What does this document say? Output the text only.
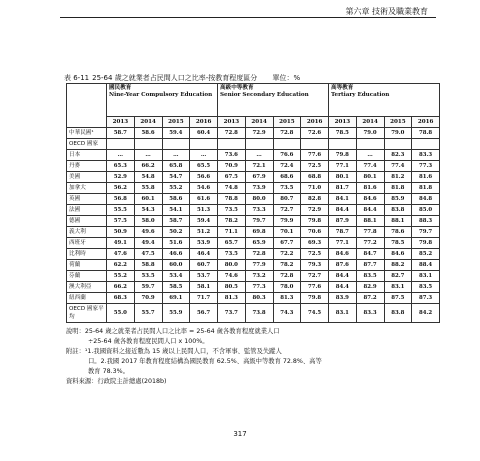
第六章 技術及職業教育
表 6-11 25-64 歲之就業者占民間人口之比率-按教育程度區分 單位：%

	國民教育
Nine-Year Compulsory Education				高級中等教育
Senior Secondary Education				高等教育
Tertiary Education			

	2013	2014	2015	2016	2013	2014	2015	2016	2013	2014	2015	2016
中華民國¹	58.7	58.6	59.4	60.4	72.8	72.9	72.8	72.6	78.5	79.0	79.0	78.8
OECD 國家												
日本	…	…	…	…	73.6	…	76.6	77.6	79.8	…	82.3	83.3
丹麥	65.3	66.2	65.8	65.5	70.9	72.1	72.4	72.5	77.1	77.4	77.4	77.3
美國	52.9	54.8	54.7	56.6	67.5	67.9	68.6	68.8	80.1	80.1	81.2	81.6
加拿大	56.2	55.8	55.2	54.6	74.8	73.9	73.5	71.0	81.7	81.6	81.8	81.8
英國	56.8	60.1	58.6	61.6	78.8	80.0	80.7	82.8	84.1	84.6	85.9	84.8
法國	55.5	54.3	54.1	51.3	73.5	73.3	72.7	72.9	84.4	84.4	83.8	85.0
德國	57.5	58.0	58.7	59.4	78.2	79.7	79.9	79.8	87.9	88.1	88.1	88.3
義大利	50.9	49.6	50.2	51.2	71.1	69.8	70.1	70.6	78.7	77.8	78.6	79.7
西班牙	49.1	49.4	51.6	53.9	65.7	65.9	67.7	69.3	77.1	77.2	78.5	79.8
比利時	47.6	47.5	46.6	46.4	73.5	72.8	72.2	72.5	84.6	84.7	84.6	85.2
荷蘭	62.2	58.8	60.0	60.7	80.0	77.9	78.2	79.3	87.6	87.7	88.2	88.4
芬蘭	55.2	53.5	53.4	53.7	74.6	73.2	72.8	72.7	84.4	83.5	82.7	83.1
澳大利亞	66.2	59.7	58.5	58.1	80.5	77.3	78.0	77.6	84.4	82.9	83.1	83.5
紐西蘭	68.3	70.9	69.1	71.7	81.3	80.3	81.3	79.8	83.9	87.2	87.5	87.3
OECD 國家平均	55.0	55.7	55.9	56.7	73.7	73.8	74.3	74.5	83.1	83.3	83.8	84.2

說明：25-64 歲之就業者占民間人口之比率 = 25-64 歲各教育程度就業人口

÷25-64 歲各教育程度民間人口 x 100%。

附註：¹1.我國資料之接近數為 15 歲以上民間人口，不含軍事、監管及失蹤人

口。2.我國 2017 年教育程度結構為國民教育 62.5%、高級中等教育 72.8%、高等

教育 78.3%。

資料來源：行政院主計總處(2018b)

317
